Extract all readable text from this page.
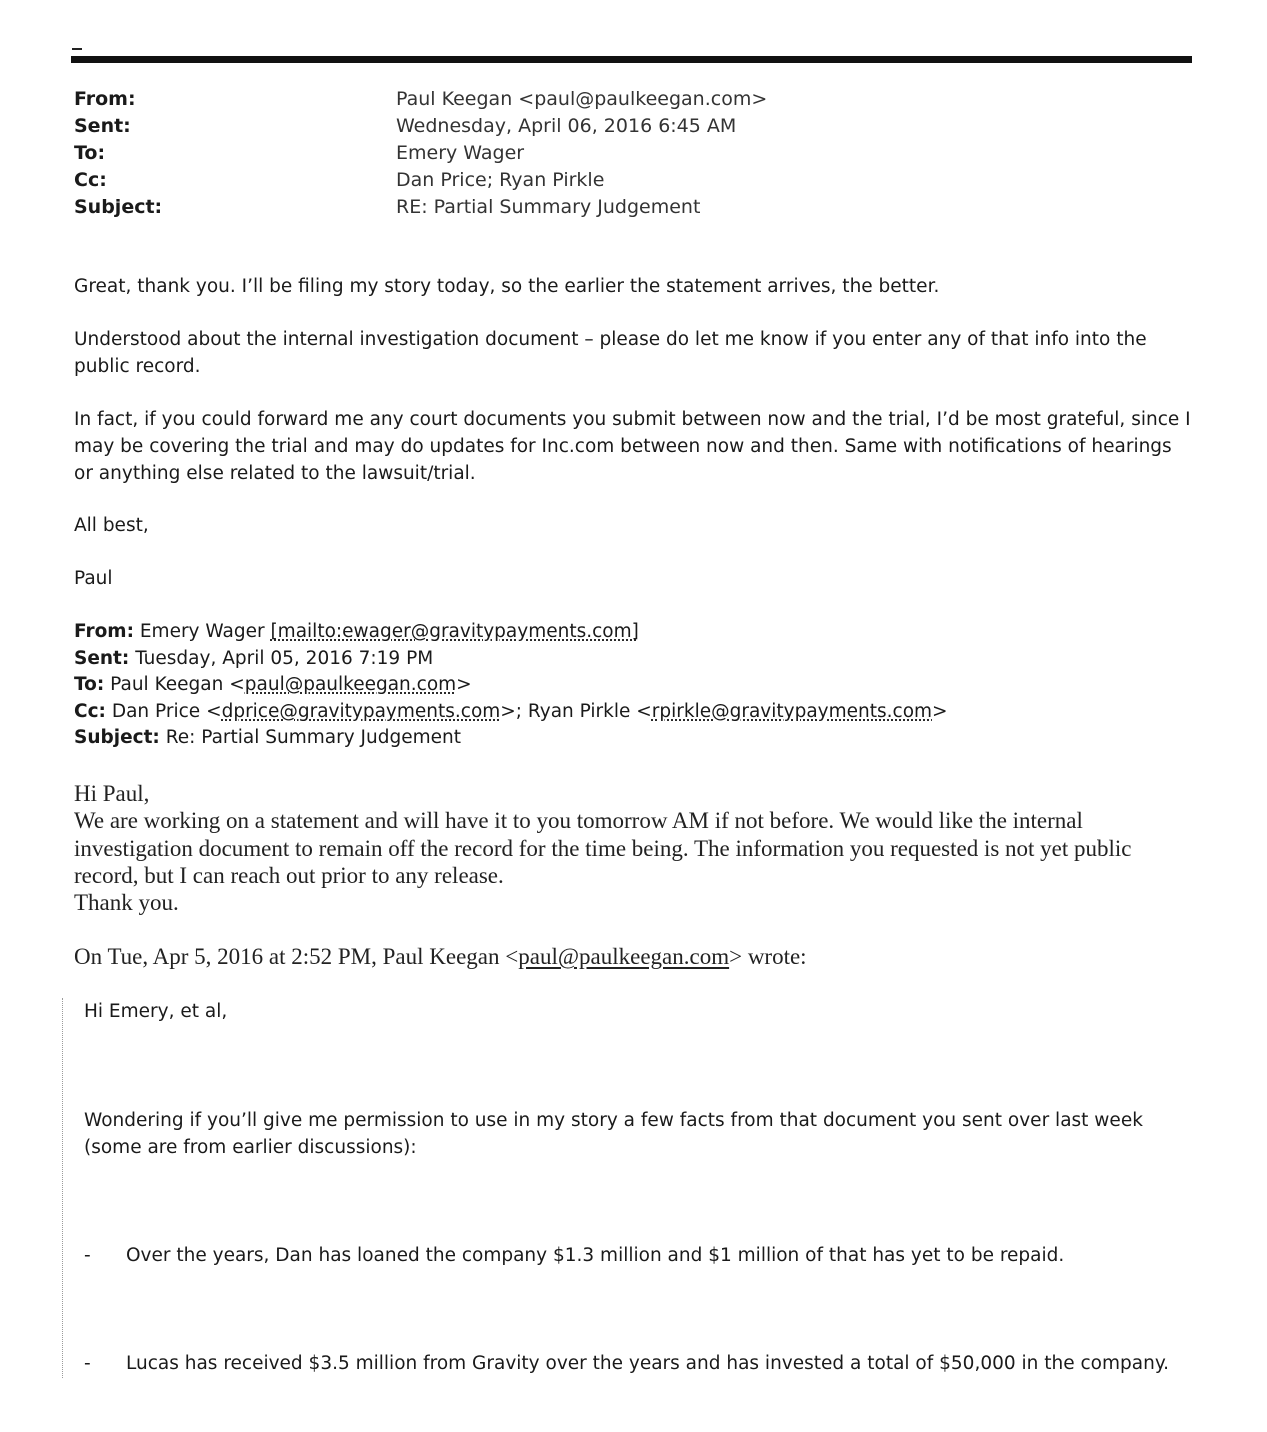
From:	Paul Keegan <paul@paulkeegan.com>
Sent:	Wednesday, April 06, 2016 6:45 AM
To:	Emery Wager
Cc:	Dan Price; Ryan Pirkle
Subject:	RE: Partial Summary Judgement

Great, thank you. I’ll be filing my story today, so the earlier the statement arrives, the better.

Understood about the internal investigation document – please do let me know if you enter any of that info into the public record.

In fact, if you could forward me any court documents you submit between now and the trial, I’d be most grateful, since I may be covering the trial and may do updates for Inc.com between now and then. Same with notifications of hearings or anything else related to the lawsuit/trial.

All best,

Paul

From: Emery Wager [mailto:ewager@gravitypayments.com]
Sent: Tuesday, April 05, 2016 7:19 PM
To: Paul Keegan <paul@paulkeegan.com>
Cc: Dan Price <dprice@gravitypayments.com>; Ryan Pirkle <rpirkle@gravitypayments.com>
Subject: Re: Partial Summary Judgement

Hi Paul,

We are working on a statement and will have it to you tomorrow AM if not before. We would like the internal investigation document to remain off the record for the time being. The information you requested is not yet public record, but I can reach out prior to any release.

Thank you.

On Tue, Apr 5, 2016 at 2:52 PM, Paul Keegan <paul@paulkeegan.com> wrote:

Hi Emery, et al,

Wondering if you’ll give me permission to use in my story a few facts from that document you sent over last week (some are from earlier discussions):

-	Over the years, Dan has loaned the company $1.3 million and $1 million of that has yet to be repaid.
-	Lucas has received $3.5 million from Gravity over the years and has invested a total of $50,000 in the company.
